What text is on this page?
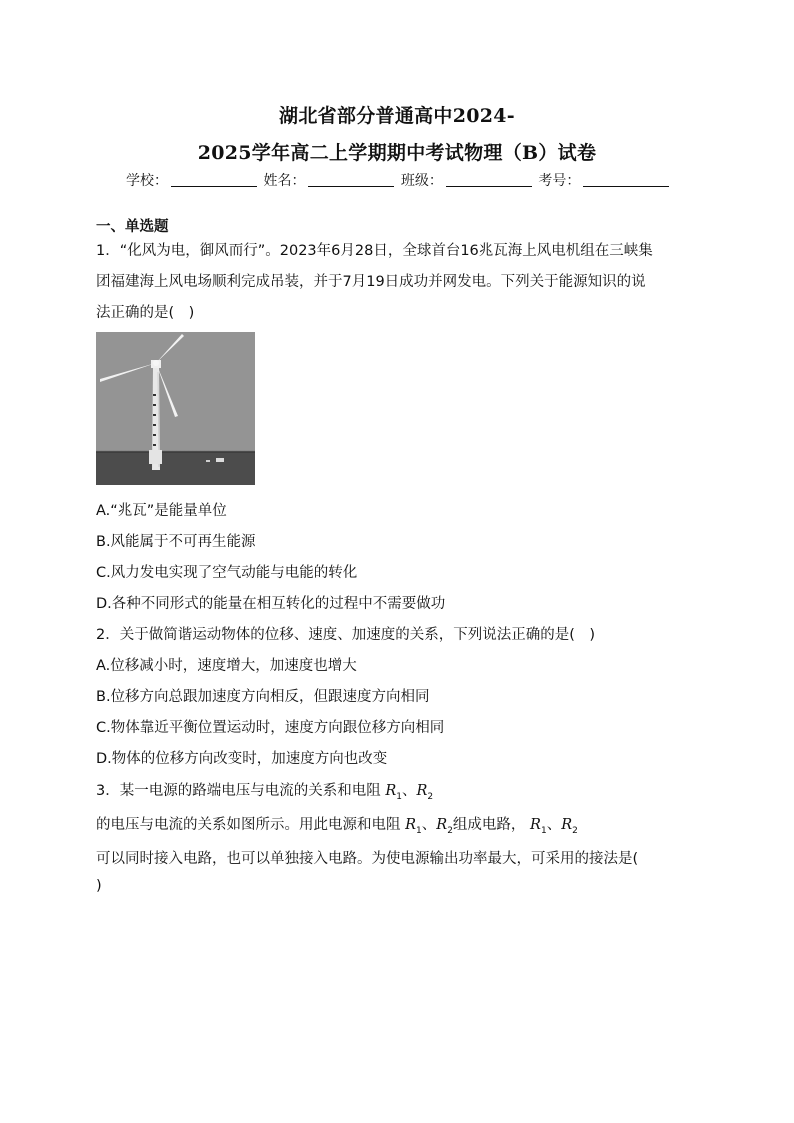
湖北省部分普通高中2024-
2025学年高二上学期期中考试物理（B）试卷
学校：	姓名：	班级：	考号：
一、单选题
1．“化风为电，御风而行”。2023年6月28日，全球首台16兆瓦海上风电机组在三峡集
团福建海上风电场顺利完成吊装，并于7月19日成功并网发电。下列关于能源知识的说
法正确的是(　)
A.“兆瓦”是能量单位
B.风能属于不可再生能源
C.风力发电实现了空气动能与电能的转化
D.各种不同形式的能量在相互转化的过程中不需要做功
2．关于做简谐运动物体的位移、速度、加速度的关系，下列说法正确的是(　)
A.位移减小时，速度增大，加速度也增大
B.位移方向总跟加速度方向相反，但跟速度方向相同
C.物体靠近平衡位置运动时，速度方向跟位移方向相同
D.物体的位移方向改变时，加速度方向也改变
3．某一电源的路端电压与电流的关系和电阻 $R_1$、$R_2$
的电压与电流的关系如图所示。用此电源和电阻 $R_1$、$R_2$组成电路， $R_1$、$R_2$
可以同时接入电路，也可以单独接入电路。为使电源输出功率最大，可采用的接法是(
)
